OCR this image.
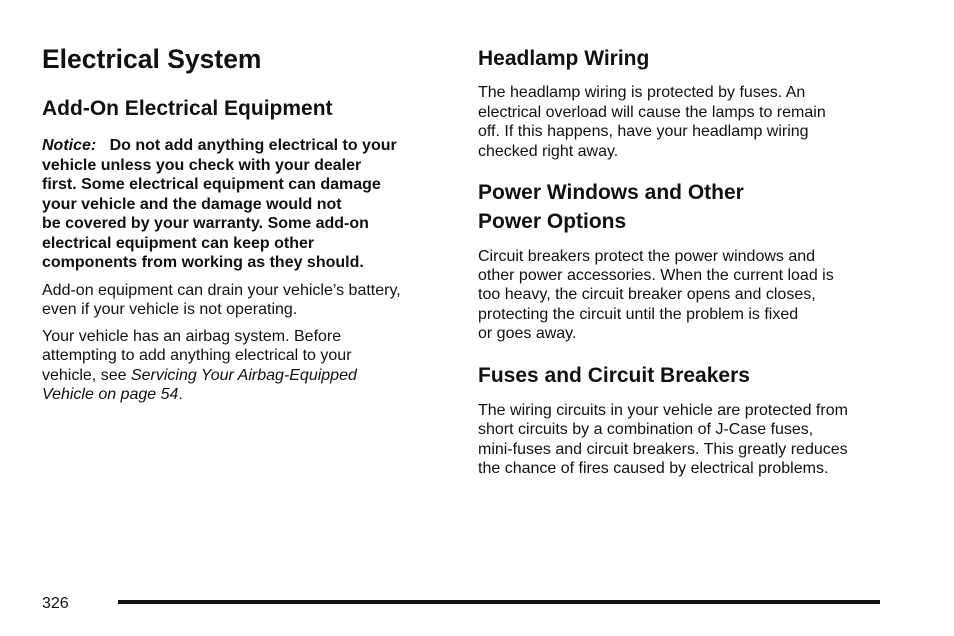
Electrical System
Add-On Electrical Equipment

Notice: Do not add anything electrical to your

vehicle unless you check with your dealer

first. Some electrical equipment can damage

your vehicle and the damage would not

be covered by your warranty. Some add-on

electrical equipment can keep other

components from working as they should.

Add-on equipment can drain your vehicle’s battery,

even if your vehicle is not operating.

Your vehicle has an airbag system. Before

attempting to add anything electrical to your

vehicle, see Servicing Your Airbag-Equipped

Vehicle on page 54.

Headlamp Wiring

The headlamp wiring is protected by fuses. An

electrical overload will cause the lamps to remain

off. If this happens, have your headlamp wiring

checked right away.

Power Windows and Other
Power Options

Circuit breakers protect the power windows and

other power accessories. When the current load is

too heavy, the circuit breaker opens and closes,

protecting the circuit until the problem is fixed

or goes away.

Fuses and Circuit Breakers

The wiring circuits in your vehicle are protected from

short circuits by a combination of J-Case fuses,

mini-fuses and circuit breakers. This greatly reduces

the chance of fires caused by electrical problems.

326
